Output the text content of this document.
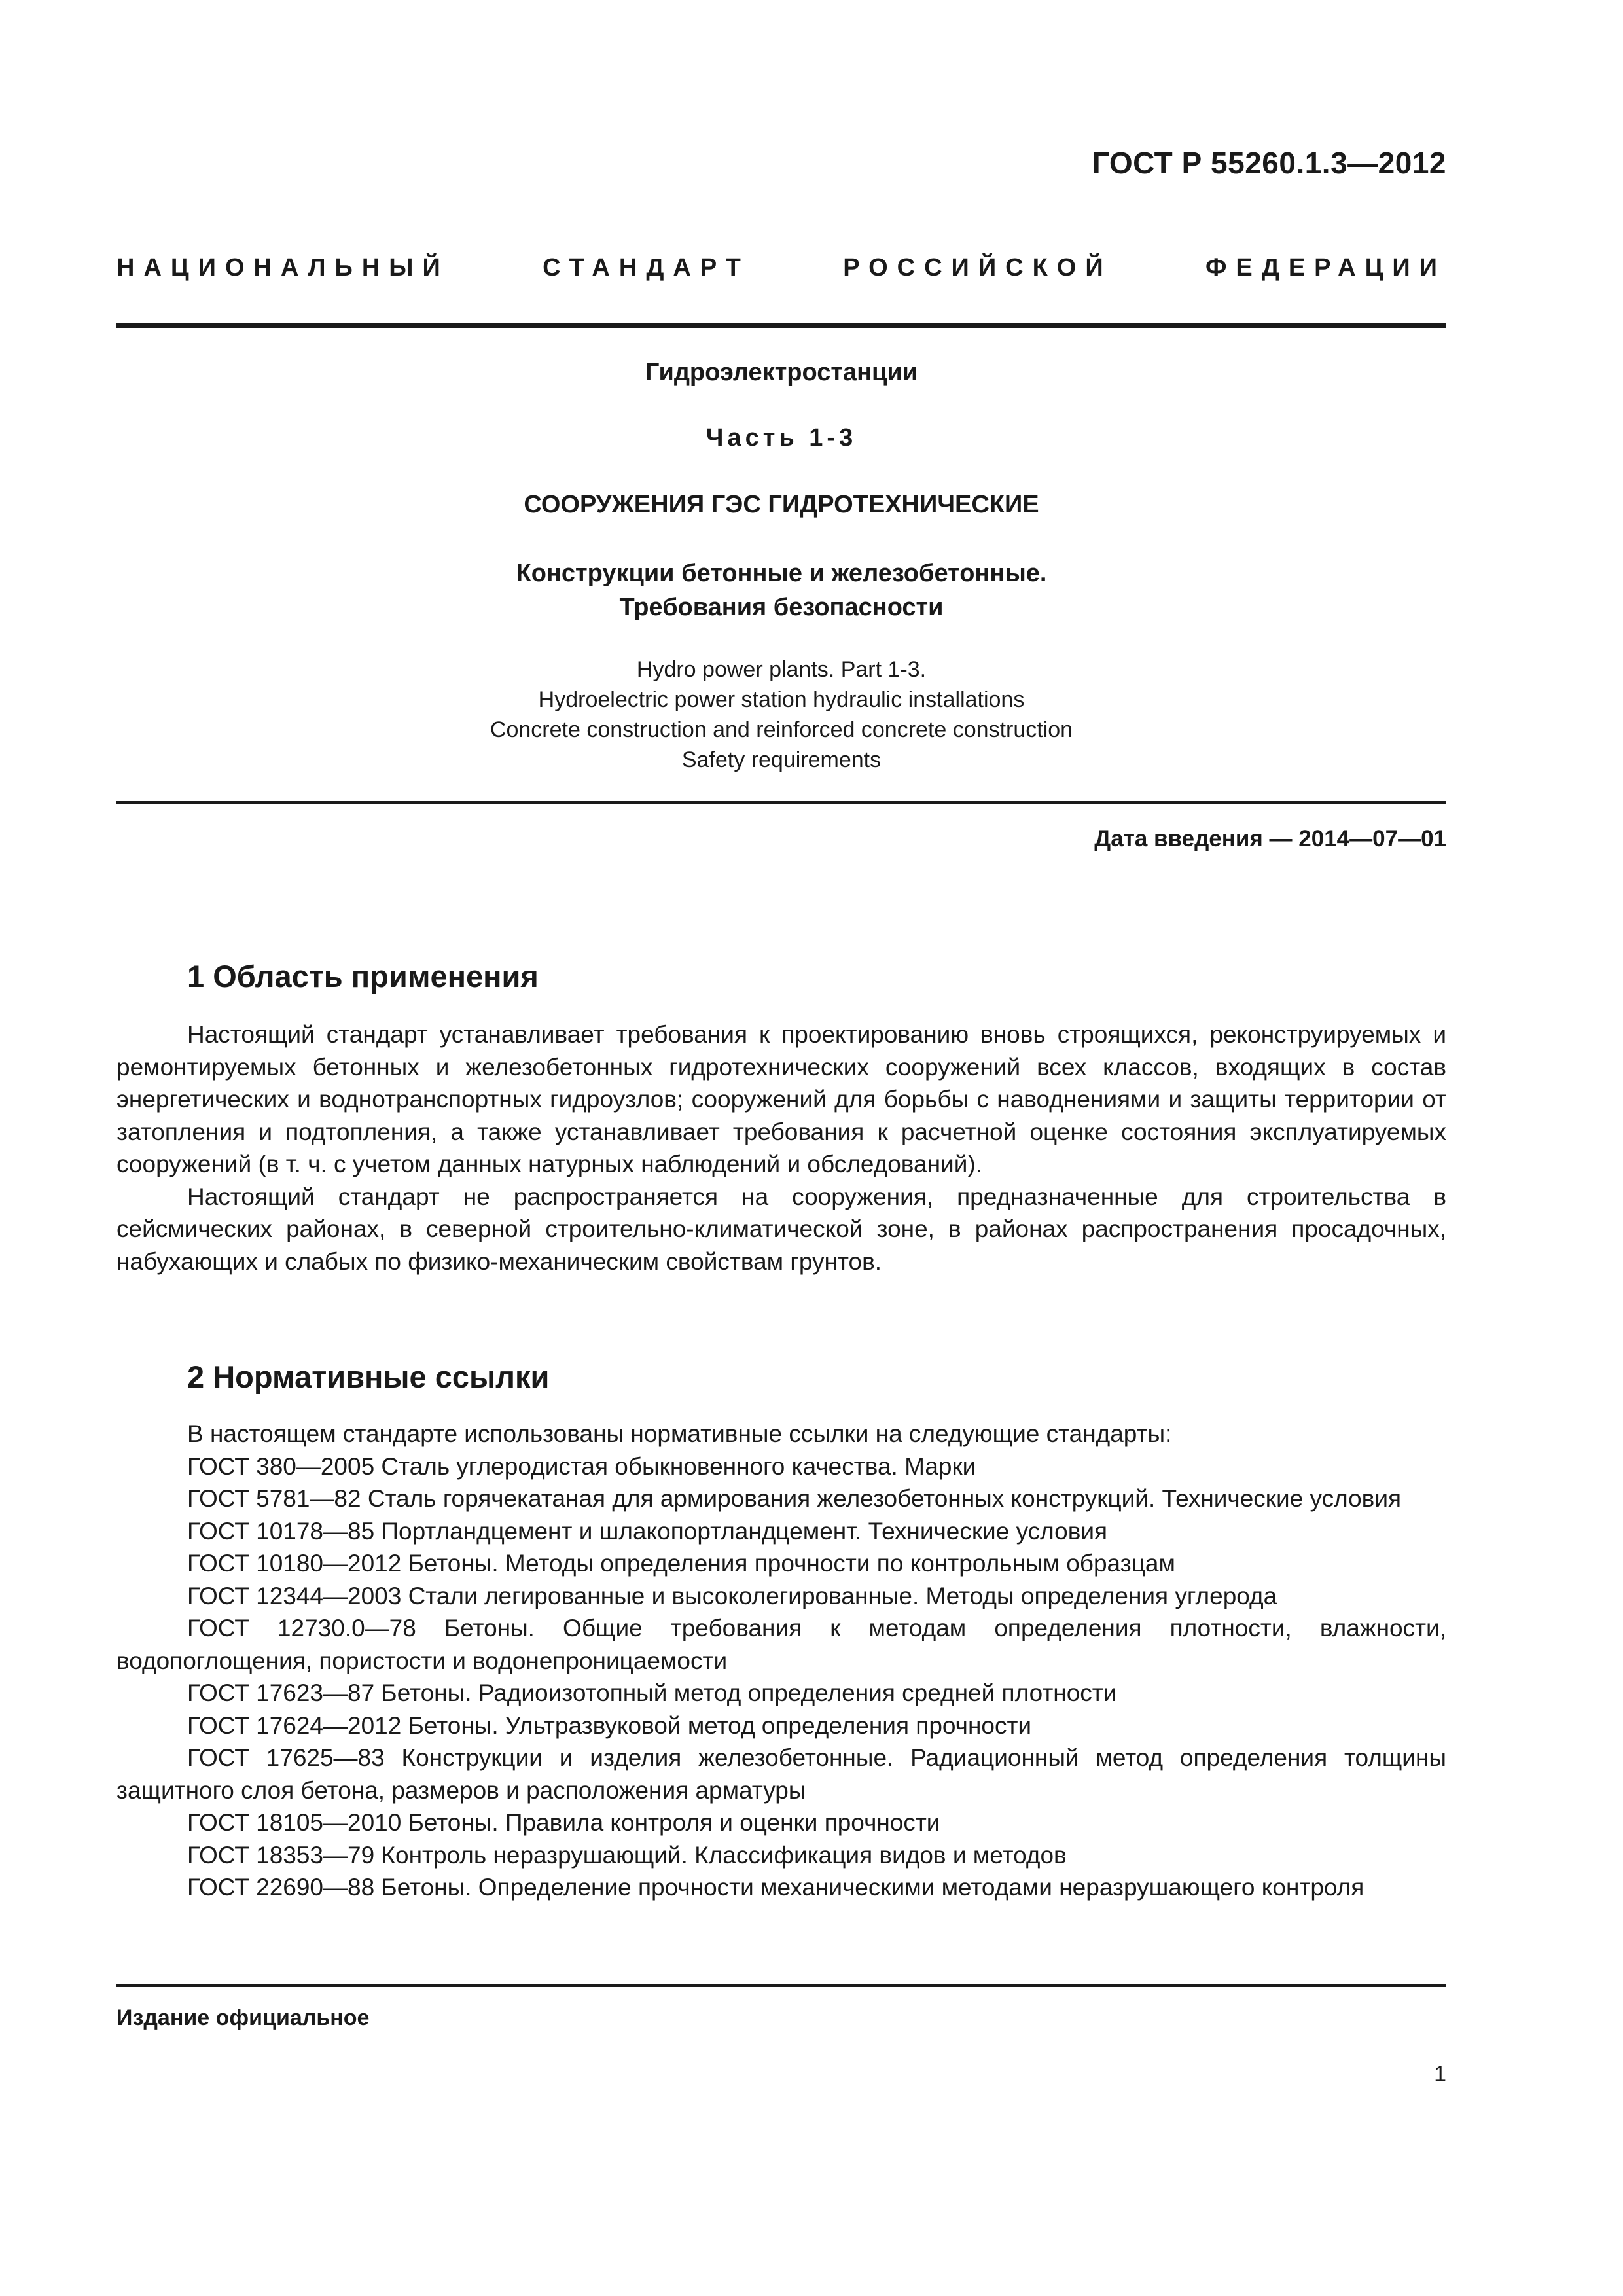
ГОСТ Р 55260.1.3—2012
НАЦИОНАЛЬНЫЙ СТАНДАРТ РОССИЙСКОЙ ФЕДЕРАЦИИ
Гидроэлектростанции
Часть 1-3
СООРУЖЕНИЯ ГЭС ГИДРОТЕХНИЧЕСКИЕ
Конструкции бетонные и железобетонные.
Требования безопасности
Hydro power plants. Part 1-3.
Hydroelectric power station hydraulic installations
Concrete construction and reinforced concrete construction
Safety requirements
Дата введения — 2014—07—01
1 Область применения

Настоящий стандарт устанавливает требования к проектированию вновь строящихся, реконструируемых и ремонтируемых бетонных и железобетонных гидротехнических сооружений всех классов, входящих в состав энергетических и воднотранспортных гидроузлов; сооружений для борьбы с наводнениями и защиты территории от затопления и подтопления, а также устанавливает требования к расчетной оценке состояния эксплуатируемых сооружений (в т. ч. с учетом данных натурных наблюдений и обследований).

Настоящий стандарт не распространяется на сооружения, предназначенные для строительства в сейсмических районах, в северной строительно-климатической зоне, в районах распространения просадочных, набухающих и слабых по физико-механическим свойствам грунтов.

2 Нормативные ссылки

В настоящем стандарте использованы нормативные ссылки на следующие стандарты:

ГОСТ 380—2005 Сталь углеродистая обыкновенного качества. Марки

ГОСТ 5781—82 Сталь горячекатаная для армирования железобетонных конструкций. Технические условия

ГОСТ 10178—85 Портландцемент и шлакопортландцемент. Технические условия

ГОСТ 10180—2012 Бетоны. Методы определения прочности по контрольным образцам

ГОСТ 12344—2003 Стали легированные и высоколегированные. Методы определения углерода

ГОСТ 12730.0—78 Бетоны. Общие требования к методам определения плотности, влажности, водопоглощения, пористости и водонепроницаемости

ГОСТ 17623—87 Бетоны. Радиоизотопный метод определения средней плотности

ГОСТ 17624—2012 Бетоны. Ультразвуковой метод определения прочности

ГОСТ 17625—83 Конструкции и изделия железобетонные. Радиационный метод определения толщины защитного слоя бетона, размеров и расположения арматуры

ГОСТ 18105—2010 Бетоны. Правила контроля и оценки прочности

ГОСТ 18353—79 Контроль неразрушающий. Классификация видов и методов

ГОСТ 22690—88 Бетоны. Определение прочности механическими методами неразрушающего контроля

Издание официальное
1
